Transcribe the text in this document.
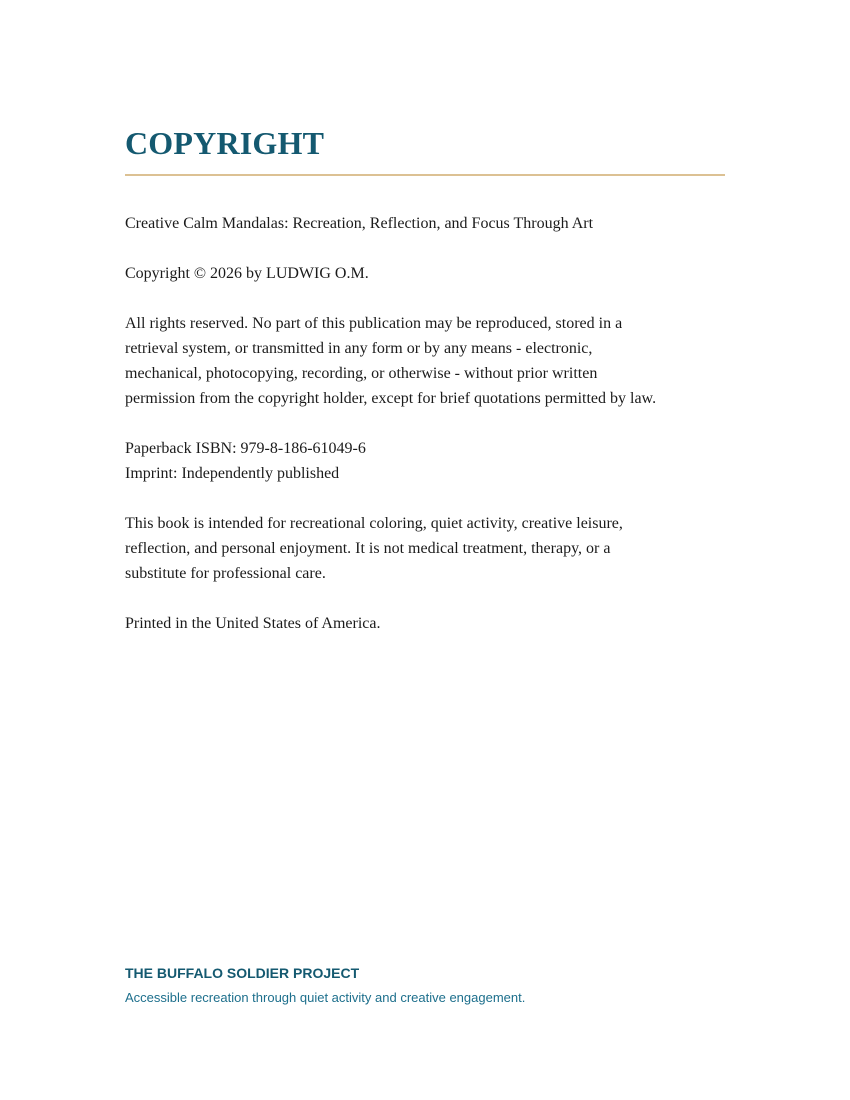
COPYRIGHT

Creative Calm Mandalas: Recreation, Reflection, and Focus Through Art

Copyright © 2026 by LUDWIG O.M.

All rights reserved. No part of this publication may be reproduced, stored in a
retrieval system, or transmitted in any form or by any means - electronic,
mechanical, photocopying, recording, or otherwise - without prior written
permission from the copyright holder, except for brief quotations permitted by law.

Paperback ISBN: 979-8-186-61049-6
Imprint: Independently published

This book is intended for recreational coloring, quiet activity, creative leisure,
reflection, and personal enjoyment. It is not medical treatment, therapy, or a
substitute for professional care.

Printed in the United States of America.

THE BUFFALO SOLDIER PROJECT

Accessible recreation through quiet activity and creative engagement.
